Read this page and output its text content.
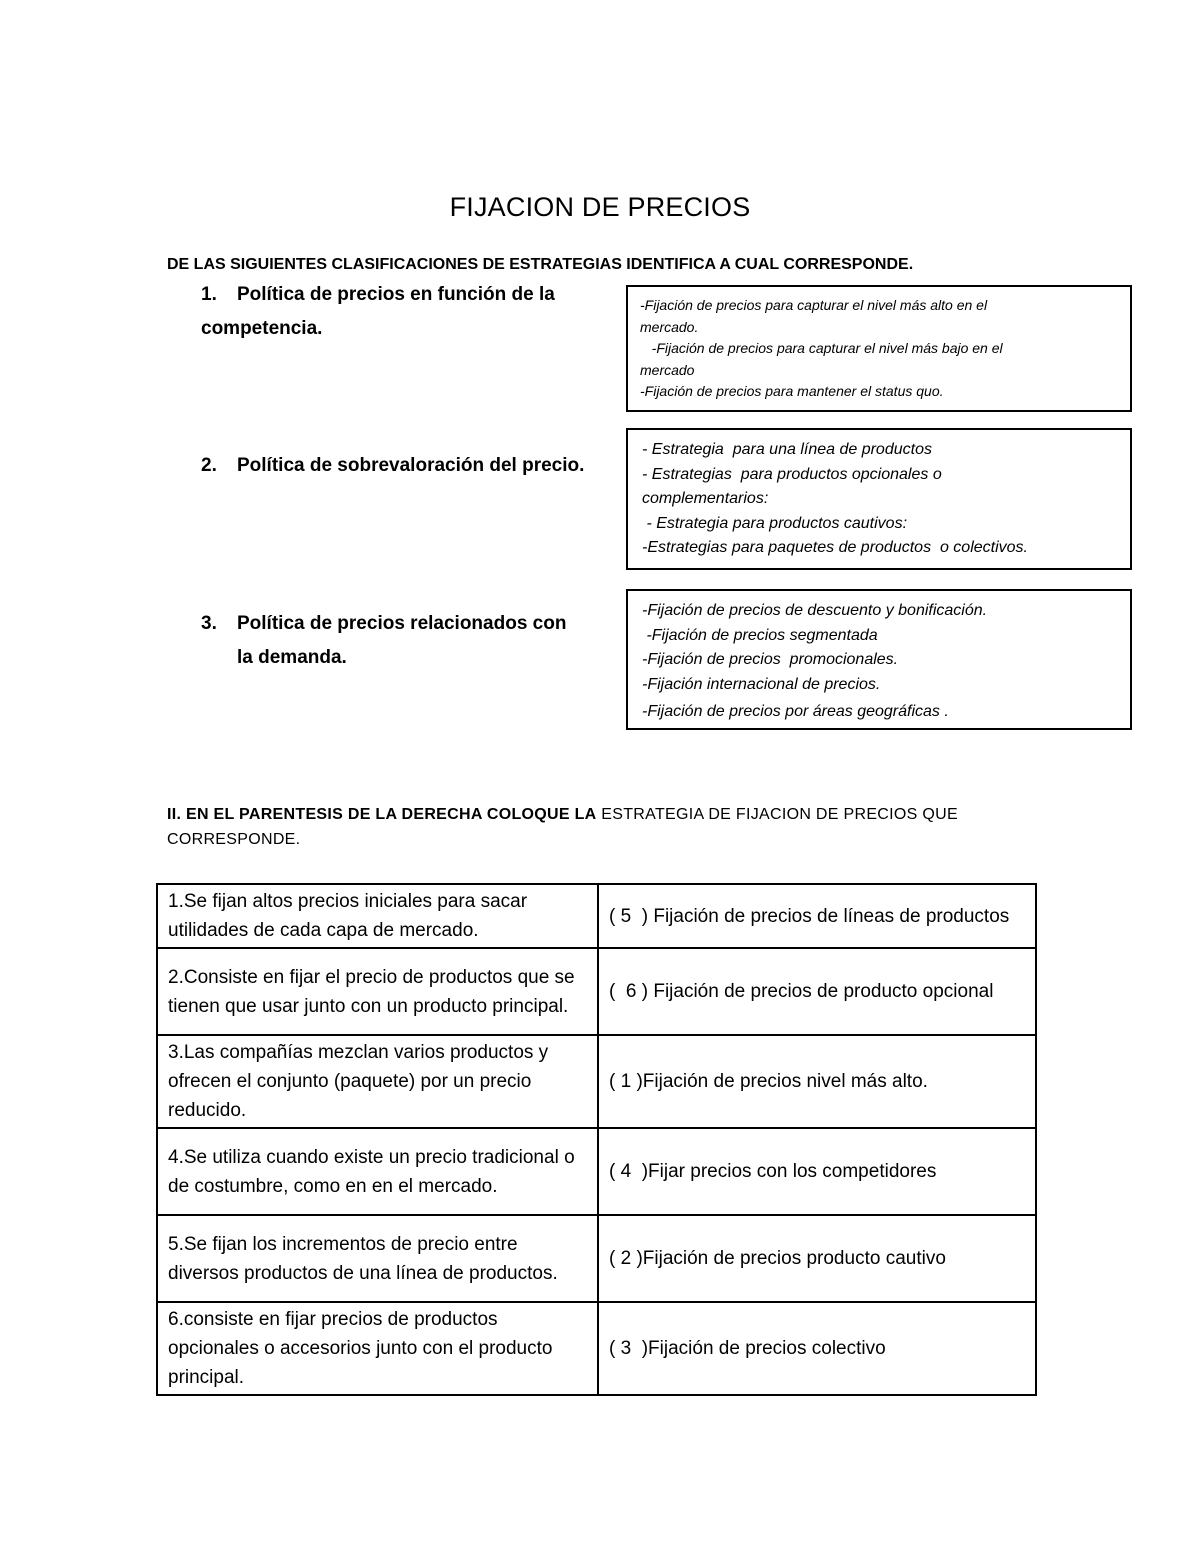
FIJACION DE PRECIOS
DE LAS SIGUIENTES CLASIFICACIONES DE ESTRATEGIAS IDENTIFICA A CUAL CORRESPONDE.
1. Política de precios en función de la
competencia.
2. Política de sobrevaloración del precio.
3. Política de precios relacionados con
la demanda.
-Fijación de precios para capturar el nivel más alto en el
mercado.
-Fijación de precios para capturar el nivel más bajo en el
mercado
-Fijación de precios para mantener el status quo.
- Estrategia  para una línea de productos
- Estrategias  para productos opcionales o
complementarios:
- Estrategia para productos cautivos:
-Estrategias para paquetes de productos  o colectivos.
-Fijación de precios de descuento y bonificación.
-Fijación de precios segmentada
-Fijación de precios  promocionales.
-Fijación internacional de precios.
-Fijación de precios por áreas geográficas .
II. EN EL PARENTESIS DE LA DERECHA COLOQUE LA ESTRATEGIA DE FIJACION DE PRECIOS QUE CORRESPONDE.
1.Se fijan altos precios iniciales para sacar utilidades de cada capa de mercado.	( 5  ) Fijación de precios de líneas de productos
2.Consiste en fijar el precio de productos que se tienen que usar junto con un producto principal.	(  6 ) Fijación de precios de producto opcional
3.Las compañías mezclan varios productos y ofrecen el conjunto (paquete) por un precio reducido.	( 1 )Fijación de precios nivel más alto.
4.Se utiliza cuando existe un precio tradicional o de costumbre, como en en el mercado.	( 4  )Fijar precios con los competidores
5.Se fijan los incrementos de precio entre diversos productos de una línea de productos.	( 2 )Fijación de precios producto cautivo
6.consiste en fijar precios de productos opcionales o accesorios junto con el producto principal.	( 3  )Fijación de precios colectivo
